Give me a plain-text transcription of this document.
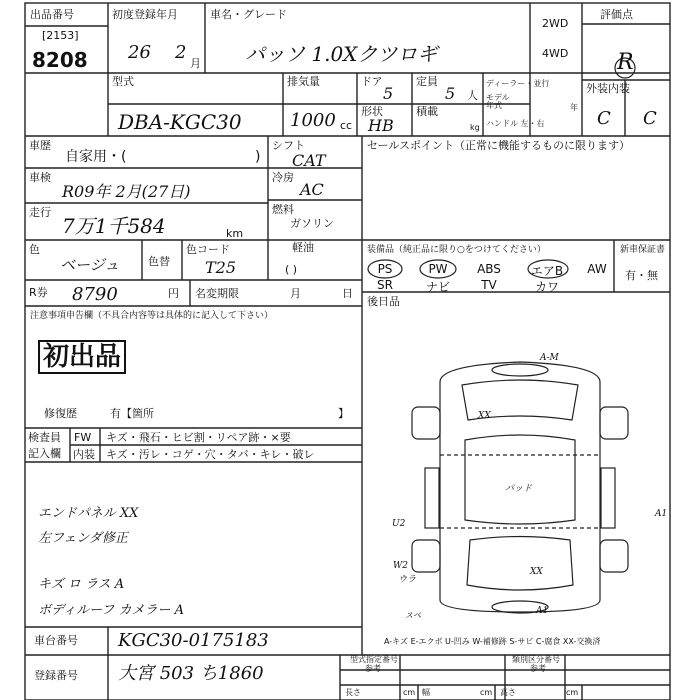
出品番号
[2153]
8208
初度登録年月
26 2
月
車名・グレード
パッソ 1.0Xクツロギ
2WD
4WD
評価点
R
外装内装
C C
型式
DBA-KGC30
排気量
1000 cc
ドア
5
定員
5 人
形状
HB
積載
kg
ディーラー・並行
モデル年式	年
ハンドル 左・右
車歴
自家用・(	)
シフト
CAT
車検
R09年 2月(27日)
冷房
AC
走行
7万1千584	km
燃料
ガソリン
軽油
( )
色
ベージュ	色替
色コード
T25
R券 8790	円 名変期限	月	日
セールスポイント（正常に機能するものに限ります）
装備品（純正品に限り○をつけてください）	新車保証書
有・無
後日品
注意事項申告欄（不具合内容等は具体的に記入して下さい）
初出品
修復歴	有【箇所	】
検査員
記入欄
FW キズ・飛石・ヒビ割・リペア跡・×要
内装 キズ・汚レ・コゲ・穴・タバ・キレ・破レ
エンドパネル XX
左フェンダ修正
キズ ロ ラス A
ボディルーフ カメラー A
A-M
XX
パッド
U2
W2
ウラ
XX
A1
A1
スペ
A-キズ E-エクボ U-凹み W-補修跡 S-サビ C-腐食 XX-交換済
車台番号 KGC30-0175183
登録番号 大宮 503 ち1860
型式指定番号
参考
類別区分番号
参考
長さ	cm 幅	cm 高さ	cm
PS	PW	ABS	エアB	AW
SR	ナビ	TV	カワ
